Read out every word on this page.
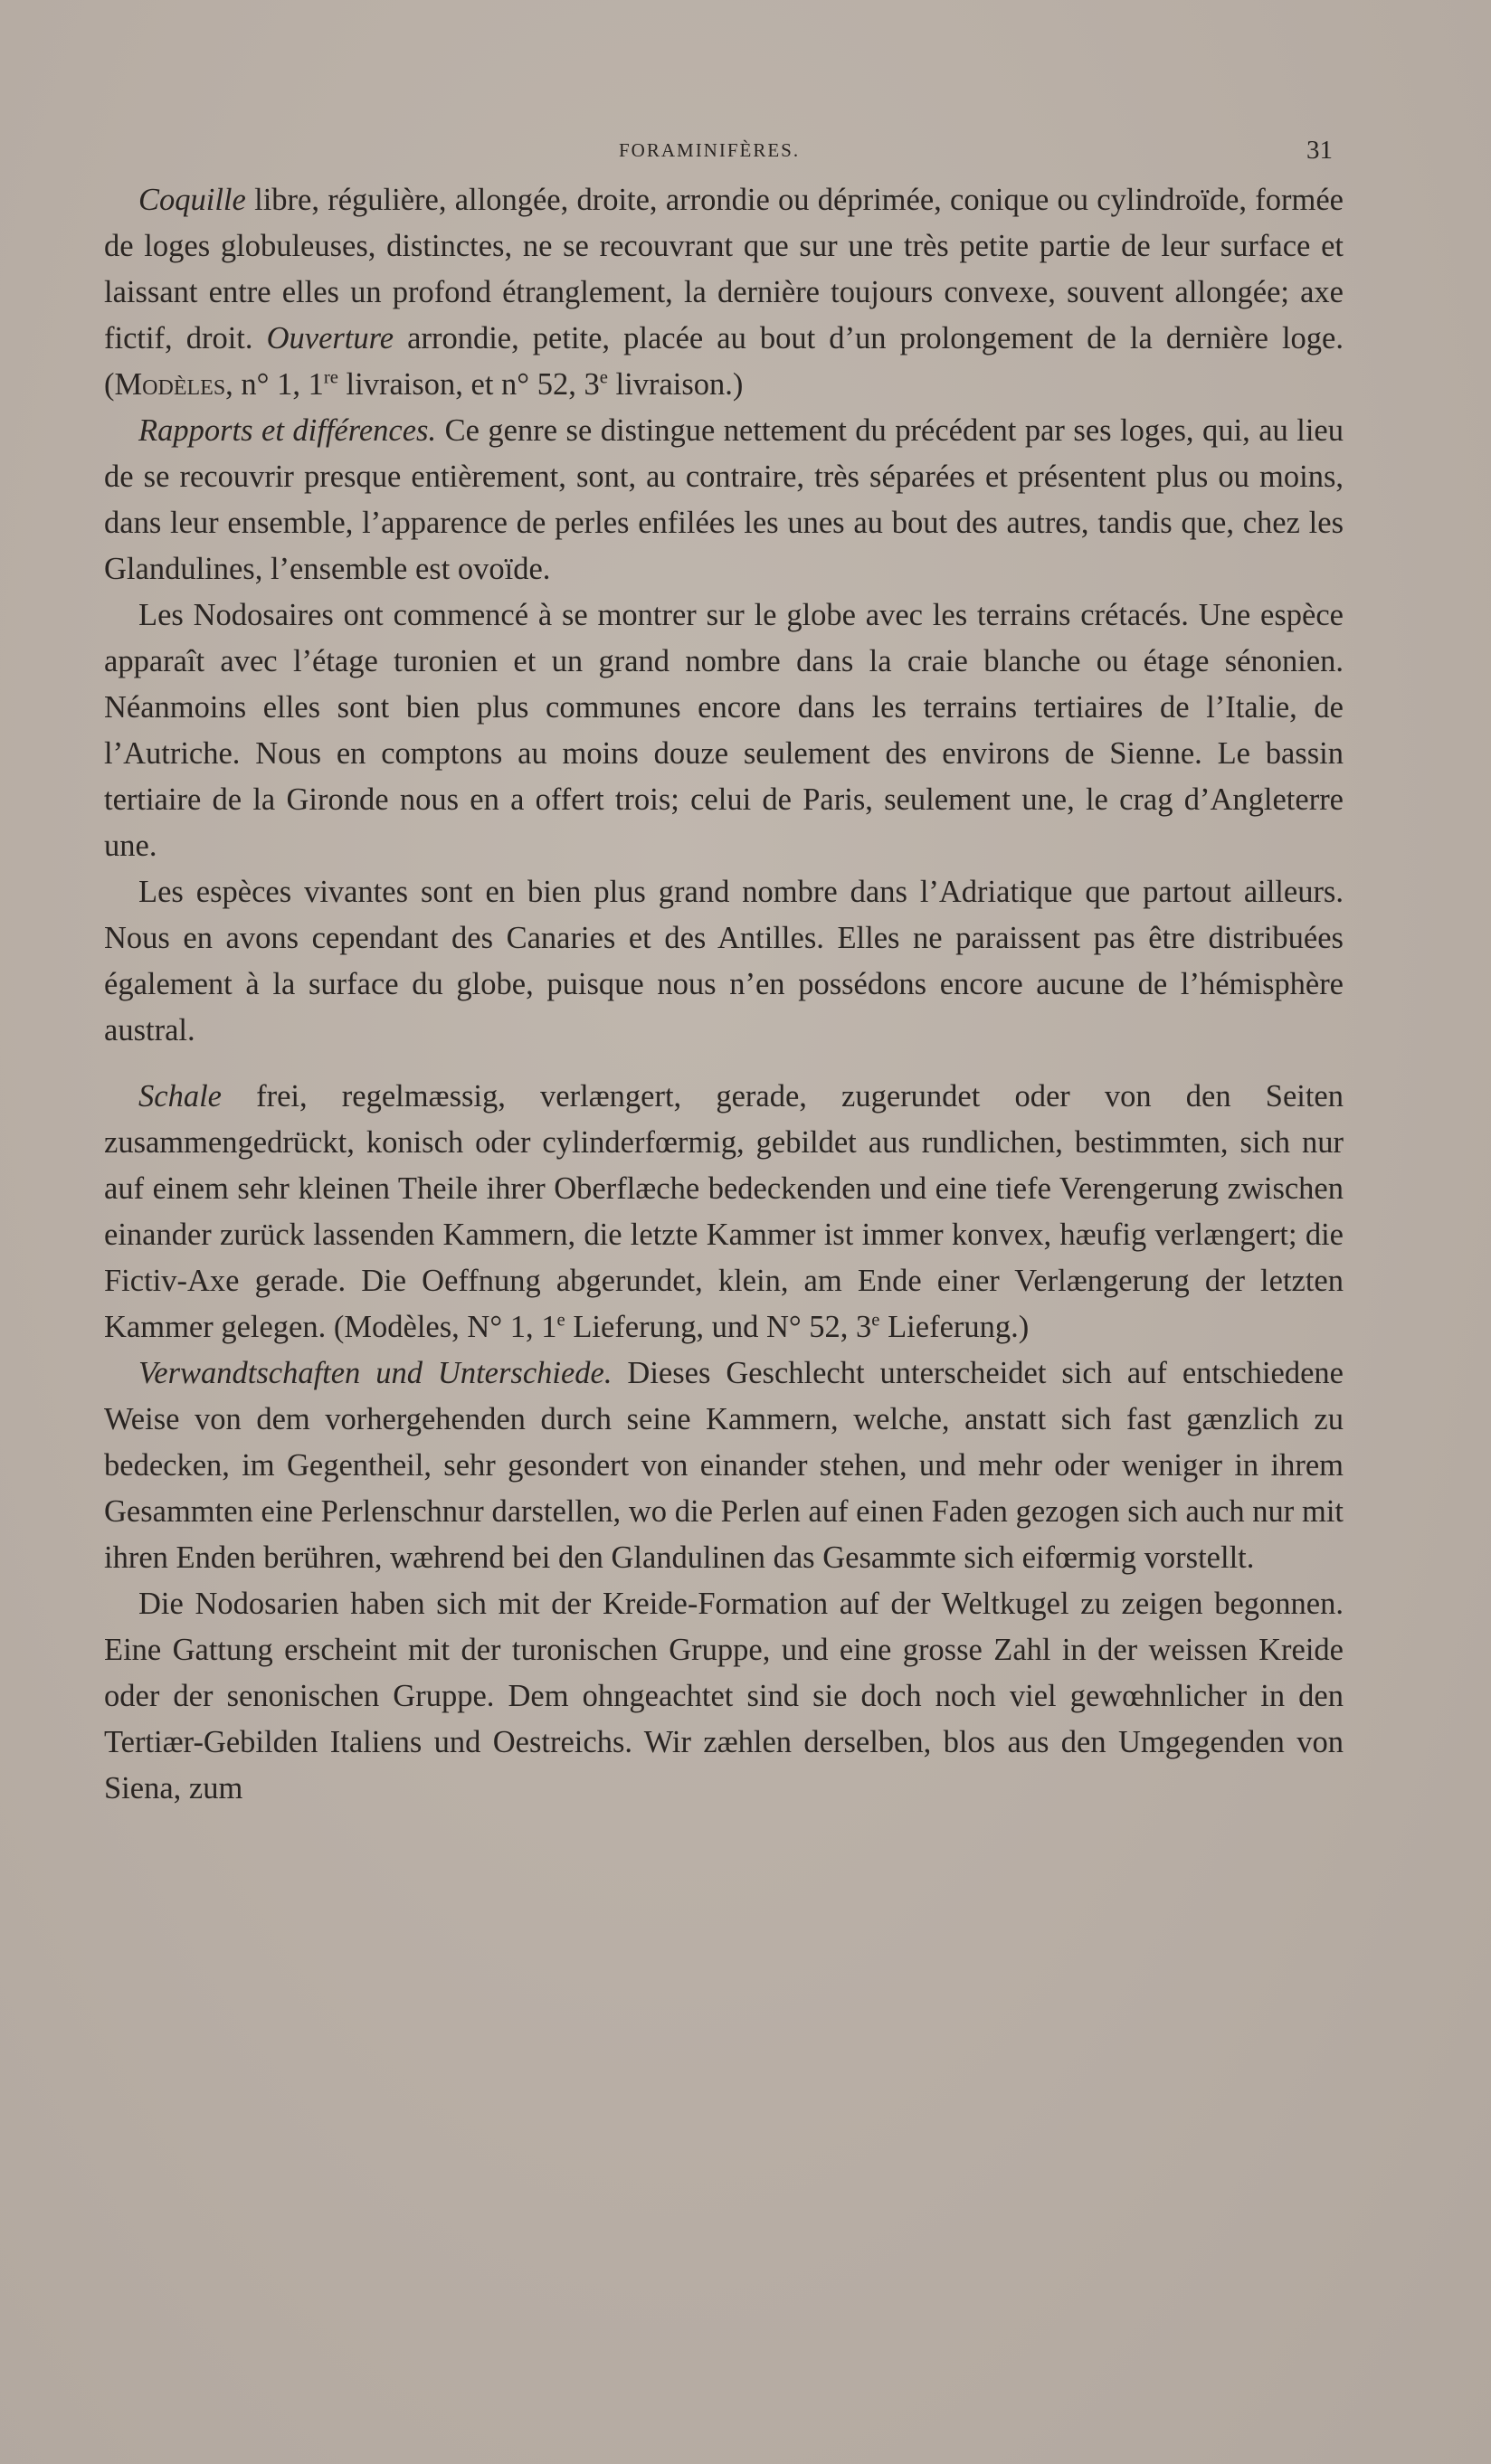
FORAMINIFÈRES.	31

Coquille libre, régulière, allongée, droite, arrondie ou déprimée, conique ou cylindroïde, formée de loges globuleuses, distinctes, ne se recouvrant que sur une très petite partie de leur surface et laissant entre elles un profond étranglement, la dernière toujours convexe, souvent allongée; axe fictif, droit. Ouverture arrondie, petite, placée au bout d’un prolongement de la dernière loge. (Modèles, n° 1, 1re livraison, et n° 52, 3e livraison.)

Rapports et différences. Ce genre se distingue nettement du précédent par ses loges, qui, au lieu de se recouvrir presque entièrement, sont, au contraire, très séparées et présentent plus ou moins, dans leur ensemble, l’apparence de perles enfilées les unes au bout des autres, tandis que, chez les Glandulines, l’ensemble est ovoïde.

Les Nodosaires ont commencé à se montrer sur le globe avec les terrains crétacés. Une espèce apparaît avec l’étage turonien et un grand nombre dans la craie blanche ou étage sénonien. Néanmoins elles sont bien plus communes encore dans les terrains tertiaires de l’Italie, de l’Autriche. Nous en comptons au moins douze seulement des environs de Sienne. Le bassin tertiaire de la Gironde nous en a offert trois; celui de Paris, seulement une, le crag d’Angleterre une.

Les espèces vivantes sont en bien plus grand nombre dans l’Adriatique que partout ailleurs. Nous en avons cependant des Canaries et des Antilles. Elles ne paraissent pas être distribuées également à la surface du globe, puisque nous n’en possédons encore aucune de l’hémisphère austral.

Schale frei, regelmæssig, verlængert, gerade, zugerundet oder von den Seiten zusammengedrückt, konisch oder cylinderfœrmig, gebildet aus rundlichen, bestimmten, sich nur auf einem sehr kleinen Theile ihrer Oberflæche bedeckenden und eine tiefe Verengerung zwischen einander zurück lassenden Kammern, die letzte Kammer ist immer konvex, hæufig verlængert; die Fictiv-Axe gerade. Die Oeffnung abgerundet, klein, am Ende einer Verlængerung der letzten Kammer gelegen. (Modèles, N° 1, 1e Lieferung, und N° 52, 3e Lieferung.)

Verwandtschaften und Unterschiede. Dieses Geschlecht unterscheidet sich auf entschiedene Weise von dem vorhergehenden durch seine Kammern, welche, anstatt sich fast gænzlich zu bedecken, im Gegentheil, sehr gesondert von einander stehen, und mehr oder weniger in ihrem Gesammten eine Perlenschnur darstellen, wo die Perlen auf einen Faden gezogen sich auch nur mit ihren Enden berühren, wæhrend bei den Glandulinen das Gesammte sich eifœrmig vorstellt.

Die Nodosarien haben sich mit der Kreide-Formation auf der Weltkugel zu zeigen begonnen. Eine Gattung erscheint mit der turonischen Gruppe, und eine grosse Zahl in der weissen Kreide oder der senonischen Gruppe. Dem ohngeachtet sind sie doch noch viel gewœhnlicher in den Tertiær-Gebilden Italiens und Oestreichs. Wir zæhlen derselben, blos aus den Umgegenden von Siena, zum
